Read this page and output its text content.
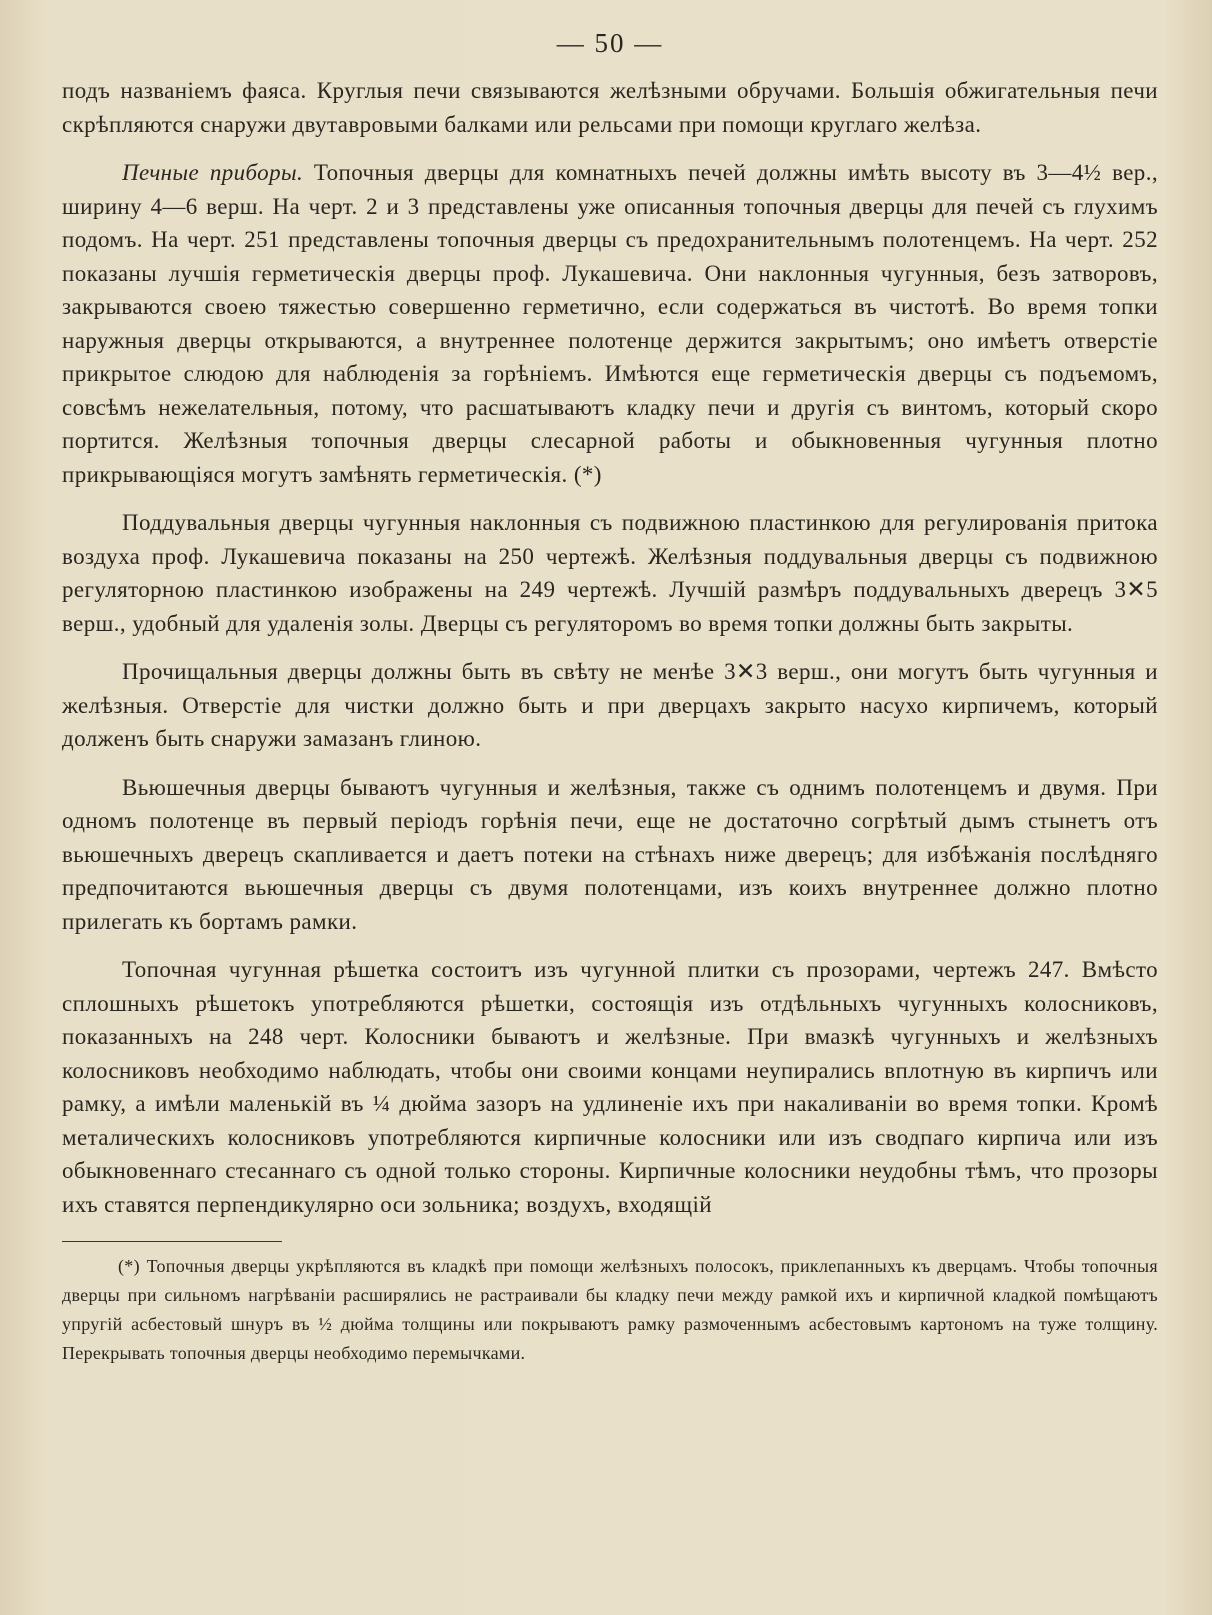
— 50 —

подъ названіемъ фаяса. Круглыя печи связываются желѣзными обручами. Большія обжигательныя печи скрѣпляются снаружи двутавровыми балками или рельсами при помощи круглаго желѣза.

Печные приборы. Топочныя дверцы для комнатныхъ печей должны имѣть высоту въ 3—4½ вер., ширину 4—6 верш. На черт. 2 и 3 представлены уже описанныя топочныя дверцы для печей съ глухимъ подомъ. На черт. 251 представлены топочныя дверцы съ предохранительнымъ полотенцемъ. На черт. 252 показаны лучшія герметическія дверцы проф. Лукашевича. Они наклонныя чугунныя, безъ затворовъ, закрываются своею тяжестью совершенно герметично, если содержаться въ чистотѣ. Во время топки наружныя дверцы открываются, а внутреннее полотенце держится закрытымъ; оно имѣетъ отверстіе прикрытое слюдою для наблюденія за горѣніемъ. Имѣются еще герметическія дверцы съ подъемомъ, совсѣмъ нежелательныя, потому, что расшатываютъ кладку печи и другія съ винтомъ, который скоро портится. Желѣзныя топочныя дверцы слесарной работы и обыкновенныя чугунныя плотно прикрывающіяся могутъ замѣнять герметическія. (*)

Поддувальныя дверцы чугунныя наклонныя съ подвижною пластинкою для регулированія притока воздуха проф. Лукашевича показаны на 250 чертежѣ. Желѣзныя поддувальныя дверцы съ подвижною регуляторною пластинкою изображены на 249 чертежѣ. Лучшій размѣръ поддувальныхъ дверецъ 3✕5 верш., удобный для удаленія золы. Дверцы съ регуляторомъ во время топки должны быть закрыты.

Прочищальныя дверцы должны быть въ свѣту не менѣе 3✕3 верш., они могутъ быть чугунныя и желѣзныя. Отверстіе для чистки должно быть и при дверцахъ закрыто насухо кирпичемъ, который долженъ быть снаружи замазанъ глиною.

Вьюшечныя дверцы бываютъ чугунныя и желѣзныя, также съ однимъ полотенцемъ и двумя. При одномъ полотенце въ первый періодъ горѣнія печи, еще не достаточно согрѣтый дымъ стынетъ отъ вьюшечныхъ дверецъ скапливается и даетъ потеки на стѣнахъ ниже дверецъ; для избѣжанія послѣдняго предпочитаются вьюшечныя дверцы съ двумя полотенцами, изъ коихъ внутреннее должно плотно прилегать къ бортамъ рамки.

Топочная чугунная рѣшетка состоитъ изъ чугунной плитки съ прозорами, чертежъ 247. Вмѣсто сплошныхъ рѣшетокъ употребляются рѣшетки, состоящія изъ отдѣльныхъ чугунныхъ колосниковъ, показанныхъ на 248 черт. Колосники бываютъ и желѣзные. При вмазкѣ чугунныхъ и желѣзныхъ колосниковъ необходимо наблюдать, чтобы они своими концами неупирались вплотную въ кирпичъ или рамку, а имѣли маленькій въ ¼ дюйма зазоръ на удлиненіе ихъ при накаливаніи во время топки. Кромѣ металическихъ колосниковъ употребляются кирпичные колосники или изъ сводпаго кирпича или изъ обыкновеннаго стесаннаго съ одной только стороны. Кирпичные колосники неудобны тѣмъ, что прозоры ихъ ставятся перпендикулярно оси зольника; воздухъ, входящій

(*) Топочныя дверцы укрѣпляются въ кладкѣ при помощи желѣзныхъ полосокъ, приклепанныхъ къ дверцамъ. Чтобы топочныя дверцы при сильномъ нагрѣваніи расширялись не растраивали бы кладку печи между рамкой ихъ и кирпичной кладкой помѣщаютъ упругій асбестовый шнуръ въ ½ дюйма толщины или покрываютъ рамку размоченнымъ асбестовымъ картономъ на туже толщину. Перекрывать топочныя дверцы необходимо перемычками.
